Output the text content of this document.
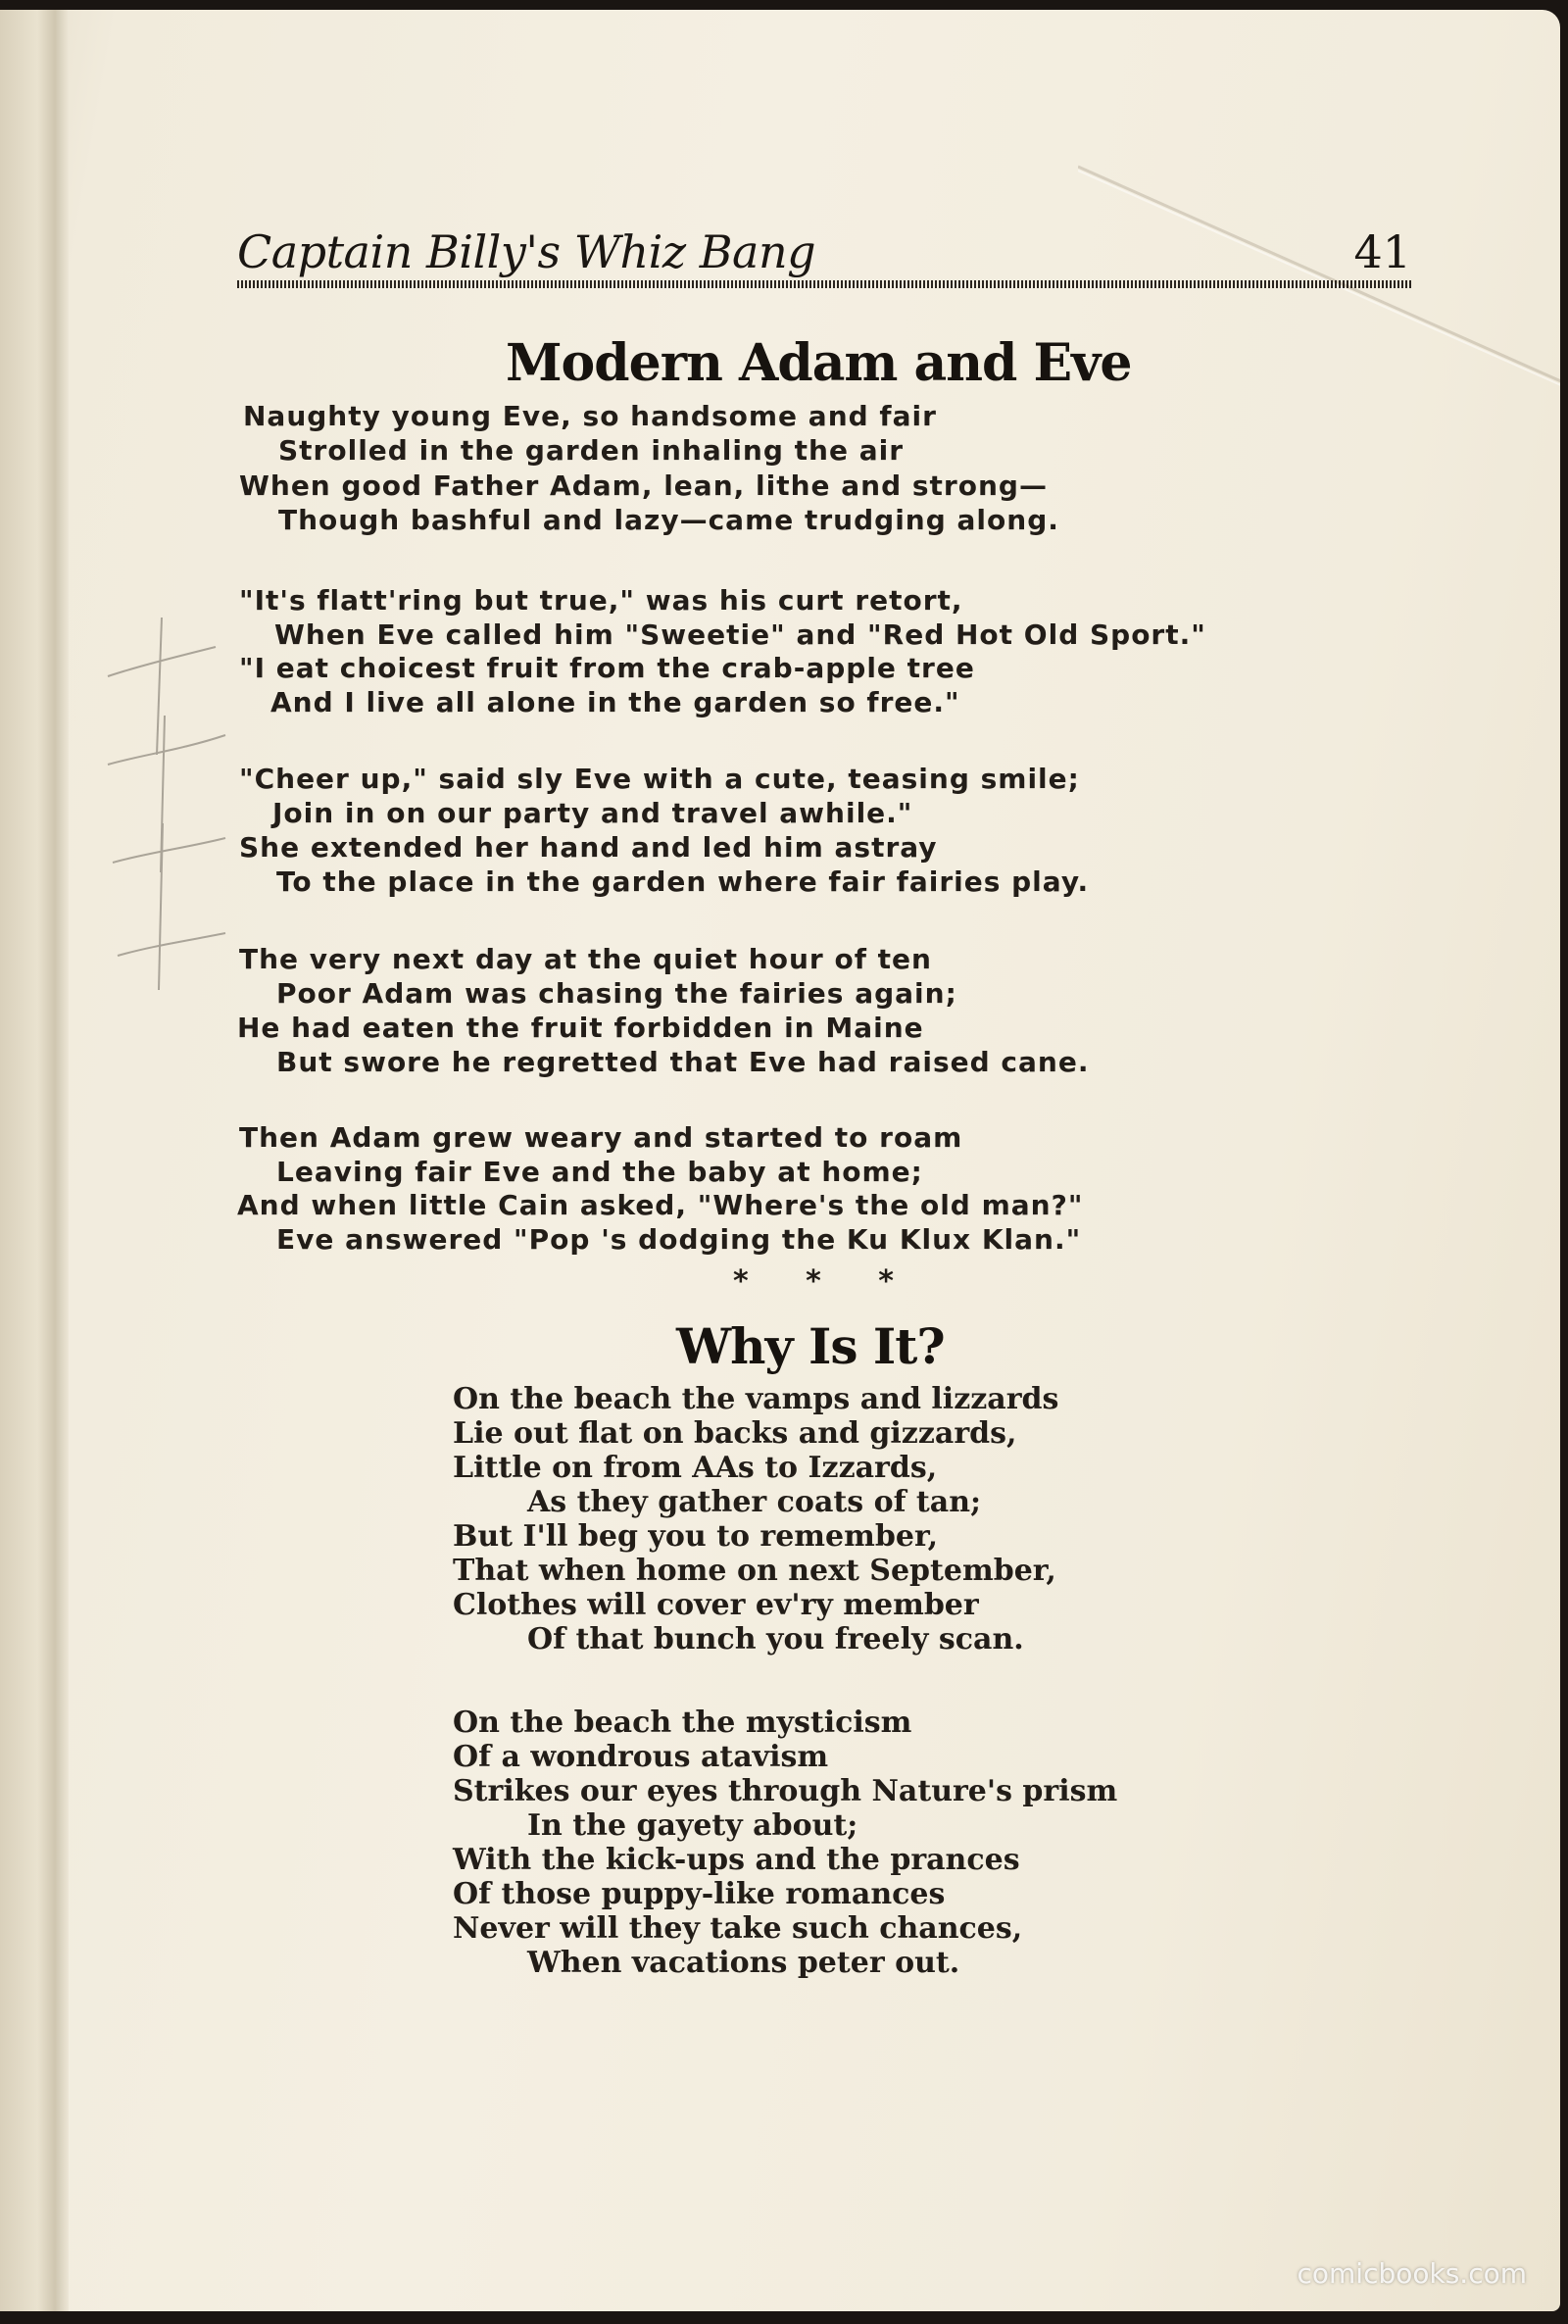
Captain Billy's Whiz Bang	41
Modern Adam and Eve

Naughty young Eve, so handsome and fair

Strolled in the garden inhaling the air

When good Father Adam, lean, lithe and strong—

Though bashful and lazy—came trudging along.

"It's flatt'ring but true," was his curt retort,

When Eve called him "Sweetie" and "Red Hot Old Sport."

"I eat choicest fruit from the crab-apple tree

And I live all alone in the garden so free."

"Cheer up," said sly Eve with a cute, teasing smile;

Join in on our party and travel awhile."

She extended her hand and led him astray

To the place in the garden where fair fairies play.

The very next day at the quiet hour of ten

Poor Adam was chasing the fairies again;

He had eaten the fruit forbidden in Maine

But swore he regretted that Eve had raised cane.

Then Adam grew weary and started to roam

Leaving fair Eve and the baby at home;

And when little Cain asked, "Where's the old man?"

Eve answered "Pop 's dodging the Ku Klux Klan."

* * *
Why Is It?

On the beach the vamps and lizzards

Lie out flat on backs and gizzards,

Little on from AAs to Izzards,

As they gather coats of tan;

But I'll beg you to remember,

That when home on next September,

Clothes will cover ev'ry member

Of that bunch you freely scan.

On the beach the mysticism

Of a wondrous atavism

Strikes our eyes through Nature's prism

In the gayety about;

With the kick-ups and the prances

Of those puppy-like romances

Never will they take such chances,

When vacations peter out.

comicbooks.com
